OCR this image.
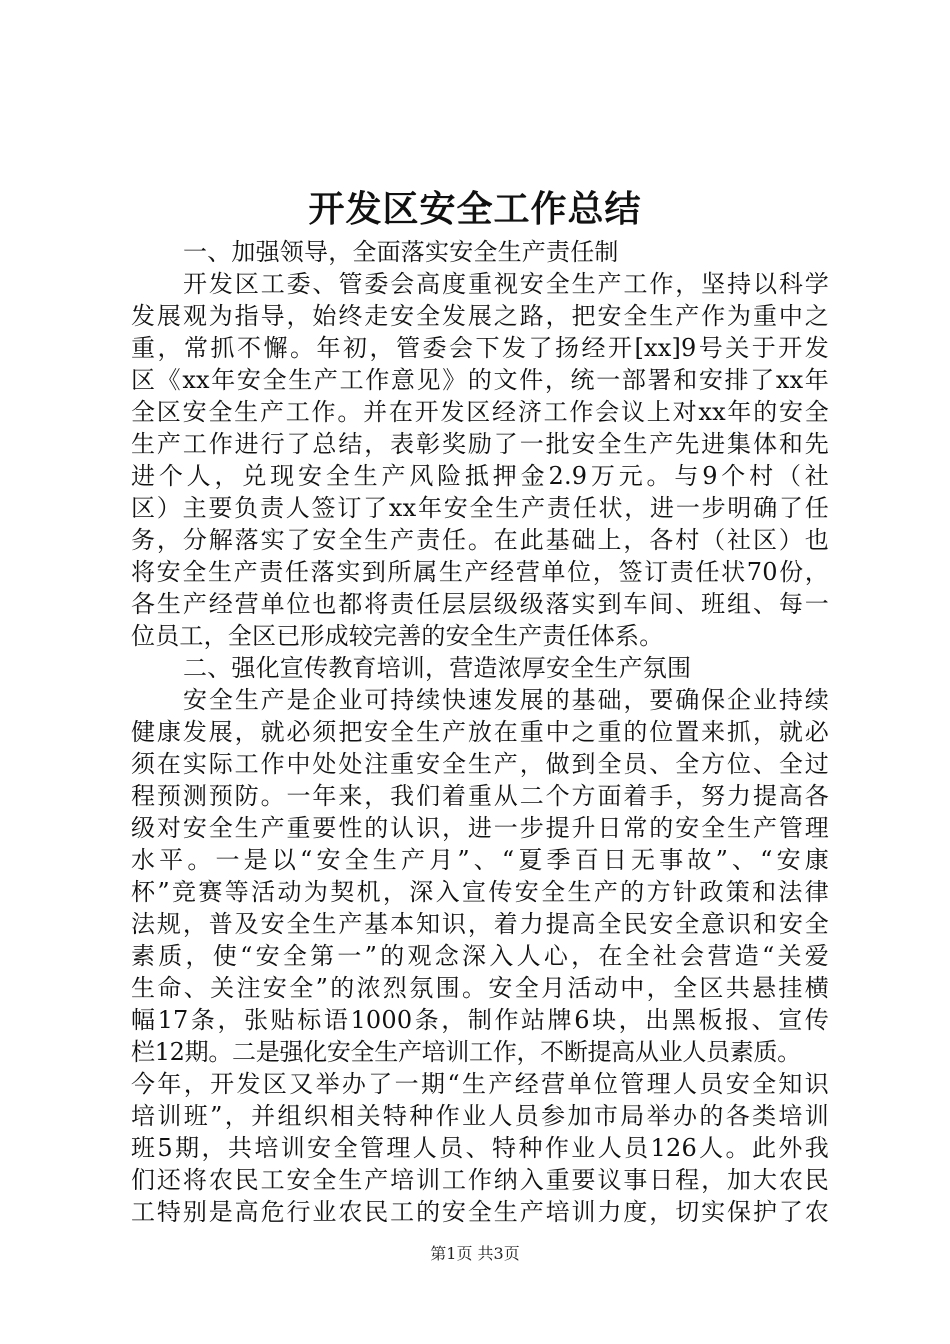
开发区安全工作总结
一、加强领导，全面落实安全生产责任制
开发区工委、管委会高度重视安全生产工作，坚持以科学
发展观为指导，始终走安全发展之路，把安全生产作为重中之
重，常抓不懈。年初，管委会下发了扬经开[xx]9号关于开发
区《xx年安全生产工作意见》的文件，统一部署和安排了xx年
全区安全生产工作。并在开发区经济工作会议上对xx年的安全
生产工作进行了总结，表彰奖励了一批安全生产先进集体和先
进个人，兑现安全生产风险抵押金2.9万元。与9个村（社
区）主要负责人签订了xx年安全生产责任状，进一步明确了任
务，分解落实了安全生产责任。在此基础上，各村（社区）也
将安全生产责任落实到所属生产经营单位，签订责任状70份，
各生产经营单位也都将责任层层级级落实到车间、班组、每一
位员工，全区已形成较完善的安全生产责任体系。
二、强化宣传教育培训，营造浓厚安全生产氛围
安全生产是企业可持续快速发展的基础，要确保企业持续
健康发展，就必须把安全生产放在重中之重的位置来抓，就必
须在实际工作中处处注重安全生产，做到全员、全方位、全过
程预测预防。一年来，我们着重从二个方面着手，努力提高各
级对安全生产重要性的认识，进一步提升日常的安全生产管理
水平。一是以“安全生产月”、“夏季百日无事故”、“安康
杯”竞赛等活动为契机，深入宣传安全生产的方针政策和法律
法规，普及安全生产基本知识，着力提高全民安全意识和安全
素质，使“安全第一”的观念深入人心，在全社会营造“关爱
生命、关注安全”的浓烈氛围。安全月活动中，全区共悬挂横
幅17条，张贴标语1000条，制作站牌6块，出黑板报、宣传
栏12期。二是强化安全生产培训工作，不断提高从业人员素质。
今年，开发区又举办了一期“生产经营单位管理人员安全知识
培训班”，并组织相关特种作业人员参加市局举办的各类培训
班5期，共培训安全管理人员、特种作业人员126人。此外我
们还将农民工安全生产培训工作纳入重要议事日程，加大农民
工特别是高危行业农民工的安全生产培训力度，切实保护了农
第1页 共3页
